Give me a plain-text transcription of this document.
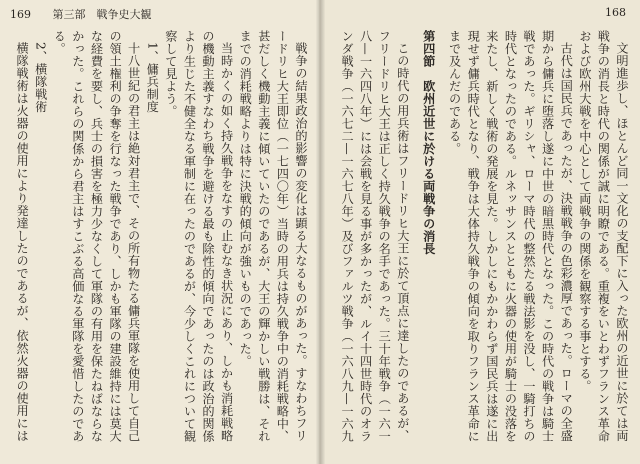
169 第三部　戦争史大観

戦争の結果政治的影響の変化は顕る大なるものがあった。すなわちフリードリヒ大王即位（一七四〇年）当時の用兵は持久戦争中の消耗戦略中、甚だしく機動主義に傾いていたのであるが、大王の輝かしい戦勝は、それまでの消耗戦略よりは特に決戦的傾向が強いものであった。

当時かくの如く持久戦争をなすの止むなき状況にあり、しかも消耗戦略の機動主義すなわち戦争を避ける最も除性的傾向であったのは政治的関係より生じた不健全なる軍制に在ったのであるが、今少しくこれについて観察して見よう。

1、傭兵制度

十八世紀の君主は絶対君主で、その所有物たる傭兵軍隊を使用して自己の領土権利の争奪を行なった戦争であり、しかも軍隊の建設維持には莫大な経費を要し、兵士の損害を極力少なくして軍隊の有用を保たねばならなかった。これらの関係から君主はすこぶる高価なる軍隊を愛惜したのである。

2、横隊戦術

横隊戦術は火器の使用により発達したのであるが、依然火器の使用には

168

文明進歩し、ほとんど同一文化の支配下に入った欧州の近世に於ては両戦争の消長と時代の関係が誠に明瞭である。重複をいとわずフランス革命および欧州大戦を中心として両戦争の関係を観察する事とする。

古代は国民兵であったが、決戦戦争の色彩濃厚であった。ローマの全盛期から傭兵に堕落し遂に中世の暗黒時代となった。この時代の戦争は騎士戦であった。ギリシャ、ローマ時代の整然たる戦法影を没し、一騎打ちの時代となったのである。ルネッサンスとともに火器の使用が騎士の没落を来たし、新しく戦術の発展を見た。しかしにもかかわらず国民兵は遂に出現せず傭兵時代となり、戦争は大体持久戦争の傾向を取りフランス革命にまで及んだのである。

第四節　欧州近世に於ける両戦争の消長

この時代の用兵術はフリードリヒ大王に於て頂点に達したのであるが、フリードリヒ大王は正しく持久戦争の名手であった。三十年戦争（一六一八—一六四八年）には会戦を見る事が多かったが、ルイ十四世時代のオランダ戦争（一六七二—一六七八年）及びファルツ戦争（一六八九—一六九
